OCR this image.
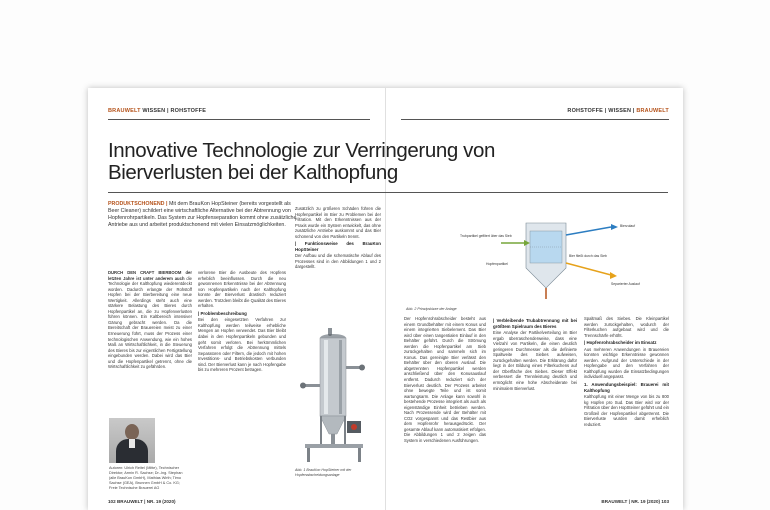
BRAUWELT WISSEN | ROHSTOFFE	ROHSTOFFE | WISSEN | BRAUWELT
Innovative Technologie zur Verringerung von Bierverlusten bei der Kalthopfung
PRODUKTSCHONEND | Mit dem BrauKon HopSteiner (bereits vorgestellt als Beer Cleaner) schildert eine wirtschaftliche Alternative bei der Abtrennung von Hopfenrohrpartikeln. Das System zur Hopfenseparation kommt ohne zusätzliche Antriebe aus und arbeitet produktschonend mit vielen Einsatzmöglichkeiten.

DURCH DEN CRAFT BIERBOOM der letzten Jahre ist unter anderem auch die Technologie der Kalthopfung wiederentdeckt worden. Dadurch erlangte der Rohstoff Hopfen bei der Bierbereitung eine neue Wertigkeit. Allerdings steht auch eine stärkere Belastung des Bieres durch Hopfenpartikel an, die zu Hopfenverlusten führen können. Ein Kaltbereich intensiver Gärung gebracht werden. Da die Bereitschaft der Brauereien meist zu einer Erneuerung führt, muss der Prozess einer technologischen Anwendung, wie ein hohes Maß an Wirtschaftlichkeit, in die Steuerung des Bieres bis zur eigentlichen Fertigstellung eingebunden werden. Dabei wird das Bier und die Hopfenpartikel getrennt, ohne die Wirtschaftlichkeit zu gefährden.

Autoren: Ulrich Reitel (Mitte), Technischer Direktor; Armin R. Sachse; Dr.-Ing. Stephan (alle BrauKon GmbH), Mathias Wirth; Timo Sachse (GEA), Brunnen GmbH & Co. KG; Freie Technische Brauerei AG

verlorene Bier die Ausbeute des Hopfens erheblich beeinflussen. Durch die neu gewonnenen Erkenntnisse bei der Abtrennung von Hopfenpartikeln nach der Kalthopfung konnte der Bierverlust drastisch reduziert werden. Trotzdem bleibt die Qualität des Bieres erhalten.

| Problembeschreibung

Bei den eingesetzten Verfahren zur Kalthopfung werden teilweise erhebliche Mengen an Hopfen verwendet. Das Bier bleibt dabei in den Hopfenpartikeln gebunden und geht somit verloren. Bei herkömmlichen Verfahren erfolgt die Abtrennung mittels Separatoren oder Filtern, die jedoch mit hohen Investitions- und Betriebskosten verbunden sind. Der Bierverlust kann je nach Hopfengabe bis zu mehreren Prozent betragen.

Zusätzlich zu größeren Schäden führen die Hopfenpartikel im Bier zu Problemen bei der Filtration. Mit den Erkenntnissen aus der Praxis wurde ein System entwickelt, das ohne zusätzliche Antriebe auskommt und das Bier schonend von den Partikeln trennt.

| Funktionsweise des BrauKon HopSteiner

Der Aufbau und die schematische Ablauf des Prozesses sind in den Abbildungen 1 und 2 dargestellt.

Abb. 1 BrauKon HopSteiner mit der Hopfenabscheidungsanlage

Der Hopfenrohrabscheider besteht aus einem Grundbehälter mit einem Konus und einem integrierten Siebelement. Das Bier wird über einen tangentialen Einlauf in den Behälter geführt. Durch die Strömung werden die Hopfenpartikel am Sieb zurückgehalten und sammeln sich im Konus. Das gereinigte Bier verlässt den Behälter über den oberen Auslauf. Die abgetrennten Hopfenpartikel werden anschließend über den Konusauslauf entfernt. Dadurch reduziert sich der Bierverlust deutlich. Der Prozess arbeitet ohne bewegte Teile und ist somit wartungsarm. Die Anlage kann sowohl in bestehende Prozesse integriert als auch als eigenständige Einheit betrieben werden. Nach Prozessende wird der Behälter mit CO2 vorgespannt und das Restbier aus dem Hopfenrohr herausgedrückt. Der gesamte Ablauf kann automatisiert erfolgen. Die Abbildungen 1 und 2 zeigen das System in verschiedenen Ausführungen.

Trubpartikel gefiltert über das Sieb
Bierzulauf
Hopfenpartikel
Bier fließt durch das Sieb
Separierter Auslauf
Abb. 2 Prinzipskizze der Anlage
| Verbleibende Trubabtrennung mit bei größtem Spielraum des Bieres

Eine Analyse der Partikelverteilung im Bier ergab überraschenderweise, dass eine Vielzahl von Partikeln, die einen deutlich geringeren Durchmesser als die definierte Spaltweite des Siebes aufweisen, zurückgehalten werden. Die Erklärung dafür liegt in der Bildung eines Filterkuchens auf der Oberfläche des Siebes. Dieser Effekt verbessert die Trennleistung deutlich und ermöglicht eine hohe Abscheiderate bei minimalem Bierverlust.

Spaltmaß des Siebes. Die Kleinpartikel werden zurückgehalten, wodurch der Filterkuchen aufgebaut wird und die Trennschärfe erhöht.

| Hopfenrohrabscheider im Einsatz

Aus mehreren Anwendungen in Brauereien konnten wichtige Erkenntnisse gewonnen werden. Aufgrund der Unterschiede in der Hopfengabe und den Verfahren der Kalthopfung wurden die Einsatzbedingungen individuell angepasst.

1. Anwendungsbeispiel: Brauerei mit Kalthopfung

Kalthopfung mit einer Menge von bis zu 800 kg Hopfen pro Sud. Das Bier wird vor der Filtration über den HopSteiner geführt und ein Großteil der Hopfenpartikel abgetrennt. Die Bierverluste wurden damit erheblich reduziert.

102 BRAUWELT | NR. 19 (2020)	BRAUWELT | NR. 19 (2020) 103
